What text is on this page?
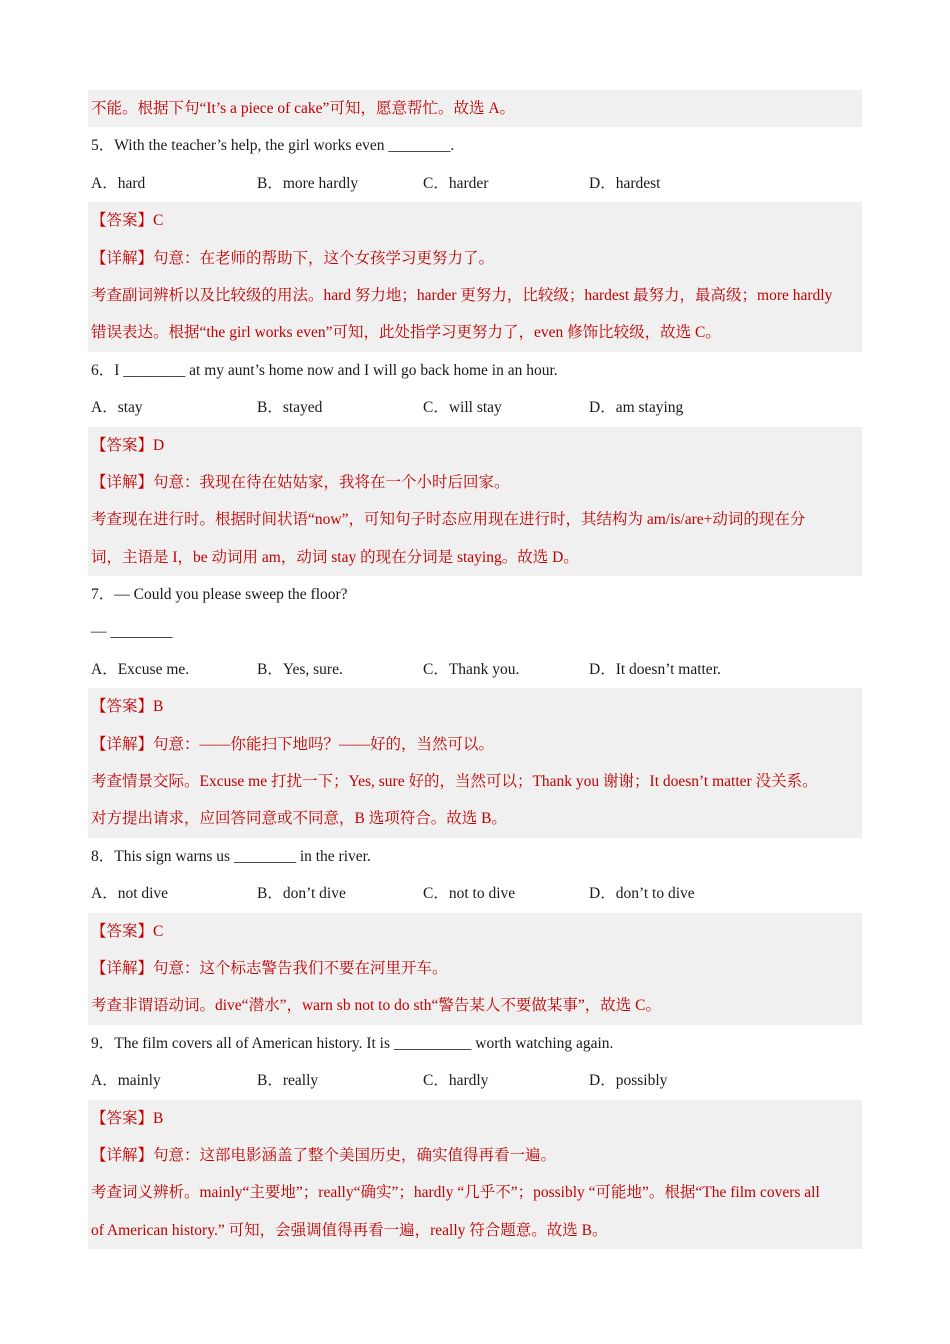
不能。根据下句“It’s a piece of cake”可知，愿意帮忙。故选 A。
5．With the teacher’s help, the girl works even ________.
A．hard	B．more hardly	C．harder	D．hardest
【答案】C
【详解】句意：在老师的帮助下，这个女孩学习更努力了。
考查副词辨析以及比较级的用法。hard 努力地；harder 更努力，比较级；hardest 最努力，最高级；more hardly
错误表达。根据“the girl works even”可知，此处指学习更努力了，even 修饰比较级，故选 C。
6．I ________ at my aunt’s home now and I will go back home in an hour.
A．stay	B．stayed	C．will stay	D．am staying
【答案】D
【详解】句意：我现在待在姑姑家，我将在一个小时后回家。
考查现在进行时。根据时间状语“now”，可知句子时态应用现在进行时，其结构为 am/is/are+动词的现在分
词，主语是 I，be 动词用 am，动词 stay 的现在分词是 staying。故选 D。
7．— Could you please sweep the floor?
— ________
A．Excuse me.	B．Yes, sure.	C．Thank you.	D．It doesn’t matter.
【答案】B
【详解】句意：——你能扫下地吗？——好的，当然可以。
考查情景交际。Excuse me 打扰一下；Yes, sure 好的，当然可以；Thank you 谢谢；It doesn’t matter 没关系。
对方提出请求，应回答同意或不同意，B 选项符合。故选 B。
8．This sign warns us ________ in the river.
A．not dive	B．don’t dive	C．not to dive	D．don’t to dive
【答案】C
【详解】句意：这个标志警告我们不要在河里开车。
考查非谓语动词。dive“潜水”，warn sb not to do sth“警告某人不要做某事”，故选 C。
9．The film covers all of American history. It is __________ worth watching again.
A．mainly	B．really	C．hardly	D．possibly
【答案】B
【详解】句意：这部电影涵盖了整个美国历史，确实值得再看一遍。
考查词义辨析。mainly“主要地”；really“确实”；hardly “几乎不”；possibly “可能地”。根据“The film covers all
of American history.” 可知，会强调值得再看一遍，really 符合题意。故选 B。
